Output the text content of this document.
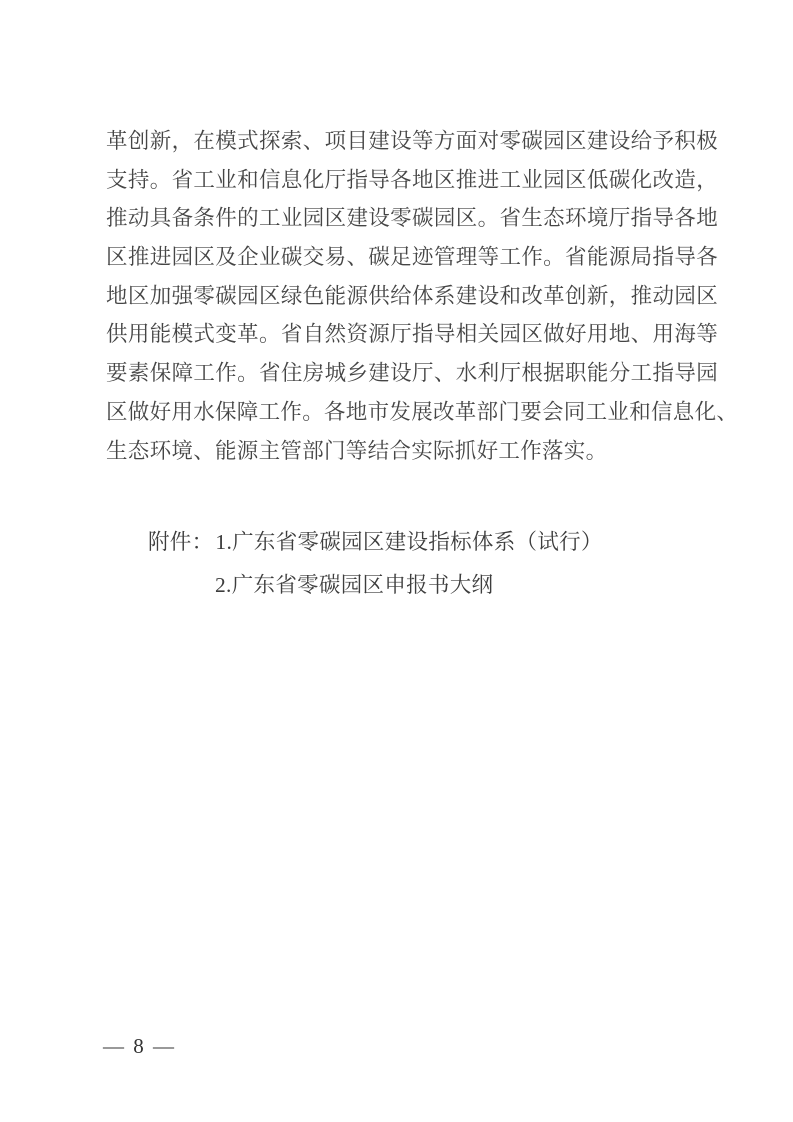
革创新，在模式探索、项目建设等方面对零碳园区建设给予积极
支持。省工业和信息化厅指导各地区推进工业园区低碳化改造，
推动具备条件的工业园区建设零碳园区。省生态环境厅指导各地
区推进园区及企业碳交易、碳足迹管理等工作。省能源局指导各
地区加强零碳园区绿色能源供给体系建设和改革创新，推动园区
供用能模式变革。省自然资源厅指导相关园区做好用地、用海等
要素保障工作。省住房城乡建设厅、水利厅根据职能分工指导园
区做好用水保障工作。各地市发展改革部门要会同工业和信息化、
生态环境、能源主管部门等结合实际抓好工作落实。
附件：1.广东省零碳园区建设指标体系（试行）
2.广东省零碳园区申报书大纲
— 8 —
